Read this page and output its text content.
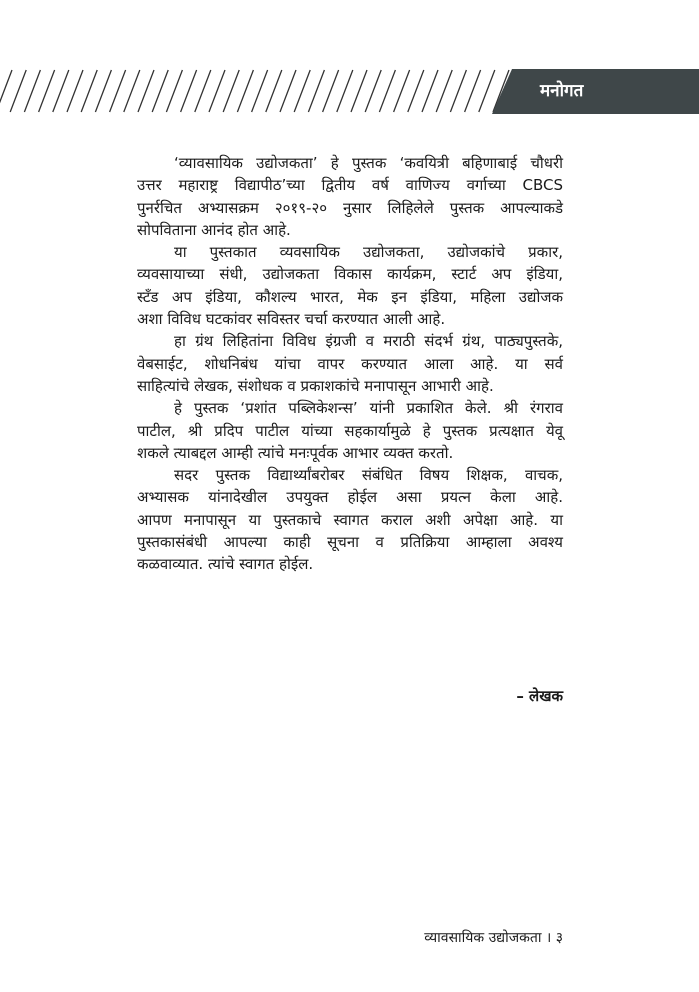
मनोगत
‘व्यावसायिक उद्योजकता’ हे पुस्तक ‘कवयित्री बहिणाबाई चौधरी
उत्तर महाराष्ट्र विद्यापीठ’च्या द्वितीय वर्ष वाणिज्य वर्गाच्या CBCS
पुनर्रचित अभ्यासक्रम २०१९-२० नुसार लिहिलेले पुस्तक आपल्याकडे
सोपविताना आनंद होत आहे.
या पुस्तकात व्यवसायिक उद्योजकता, उद्योजकांचे प्रकार,
व्यवसायाच्या संधी, उद्योजकता विकास कार्यक्रम, स्टार्ट अप इंडिया,
स्टँड अप इंडिया, कौशल्य भारत, मेक इन इंडिया, महिला उद्योजक
अशा विविध घटकांवर सविस्तर चर्चा करण्यात आली आहे.
हा ग्रंथ लिहितांना विविध इंग्रजी व मराठी संदर्भ ग्रंथ, पाठ्यपुस्तके,
वेबसाईट, शोधनिबंध यांचा वापर करण्यात आला आहे. या सर्व
साहित्यांचे लेखक, संशोधक व प्रकाशकांचे मनापासून आभारी आहे.
हे पुस्तक ‘प्रशांत पब्लिकेशन्स’ यांनी प्रकाशित केले. श्री रंगराव
पाटील, श्री प्रदिप पाटील यांच्या सहकार्यामुळे हे पुस्तक प्रत्यक्षात येवू
शकले त्याबद्दल आम्ही त्यांचे मनःपूर्वक आभार व्यक्त करतो.
सदर पुस्तक विद्यार्थ्यांबरोबर संबंधित विषय शिक्षक, वाचक,
अभ्यासक यांनादेखील उपयुक्त होईल असा प्रयत्न केला आहे.
आपण मनापासून या पुस्तकाचे स्वागत कराल अशी अपेक्षा आहे. या
पुस्तकासंबंधी आपल्या काही सूचना व प्रतिक्रिया आम्हाला अवश्य
कळवाव्यात. त्यांचे स्वागत होईल.
– लेखक
व्यावसायिक उद्योजकता । ३
